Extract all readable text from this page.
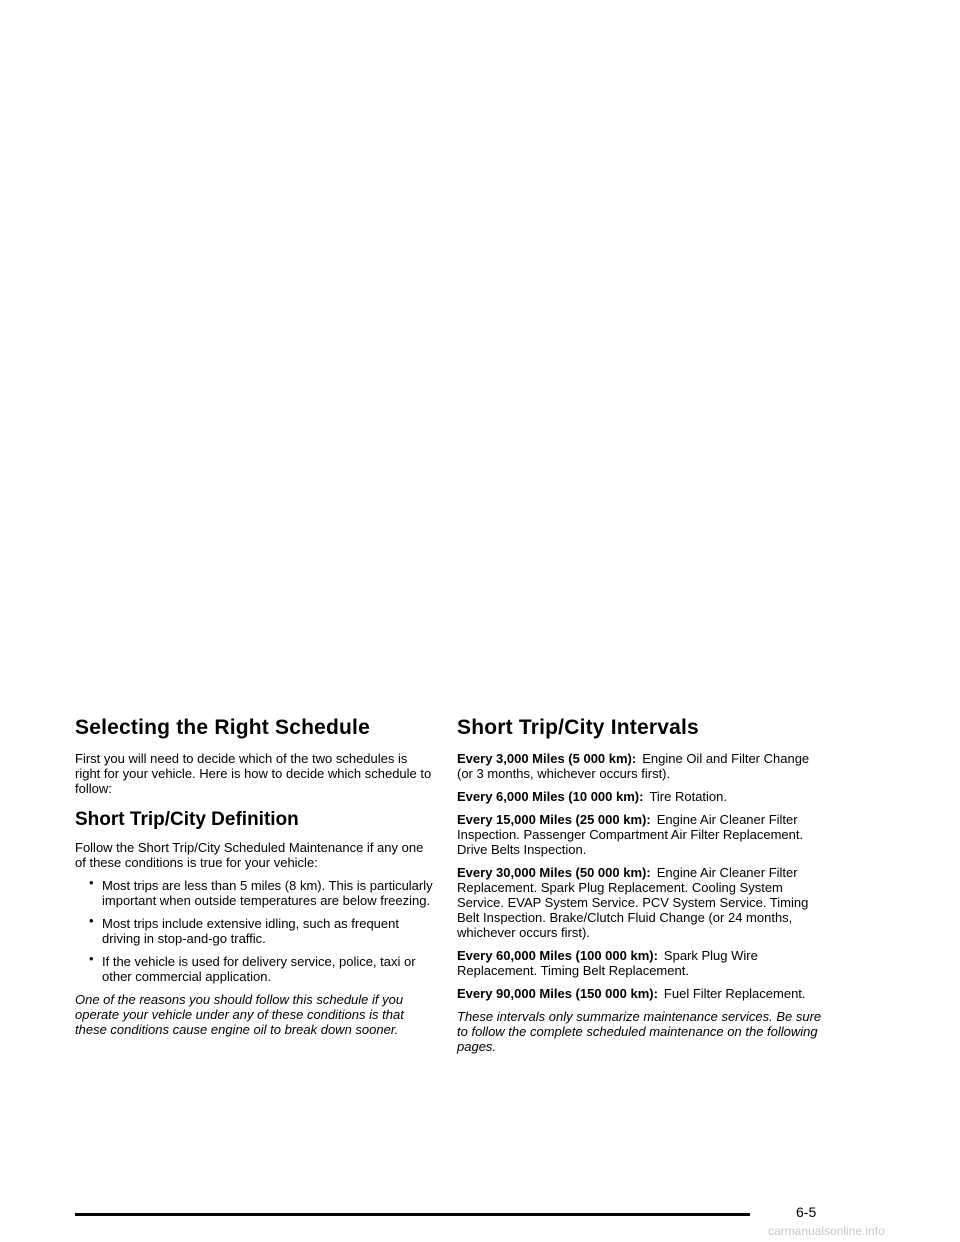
Selecting the Right Schedule

First you will need to decide which of the two schedules is right for your vehicle. Here is how to decide which schedule to follow:

Short Trip/City Definition

Follow the Short Trip/City Scheduled Maintenance if any one of these conditions is true for your vehicle:

• Most trips are less than 5 miles (8 km). This is particularly important when outside temperatures are below freezing.
• Most trips include extensive idling, such as frequent driving in stop-and-go traffic.
• If the vehicle is used for delivery service, police, taxi or other commercial application.

One of the reasons you should follow this schedule if you operate your vehicle under any of these conditions is that these conditions cause engine oil to break down sooner.

Short Trip/City Intervals

Every 3,000 Miles (5 000 km): Engine Oil and Filter Change (or 3 months, whichever occurs first).

Every 6,000 Miles (10 000 km): Tire Rotation.

Every 15,000 Miles (25 000 km): Engine Air Cleaner Filter Inspection. Passenger Compartment Air Filter Replacement. Drive Belts Inspection.

Every 30,000 Miles (50 000 km): Engine Air Cleaner Filter Replacement. Spark Plug Replacement. Cooling System Service. EVAP System Service. PCV System Service. Timing Belt Inspection. Brake/Clutch Fluid Change (or 24 months, whichever occurs first).

Every 60,000 Miles (100 000 km): Spark Plug Wire Replacement. Timing Belt Replacement.

Every 90,000 Miles (150 000 km): Fuel Filter Replacement.

These intervals only summarize maintenance services. Be sure to follow the complete scheduled maintenance on the following pages.

6-5
carmanualsonline.info
